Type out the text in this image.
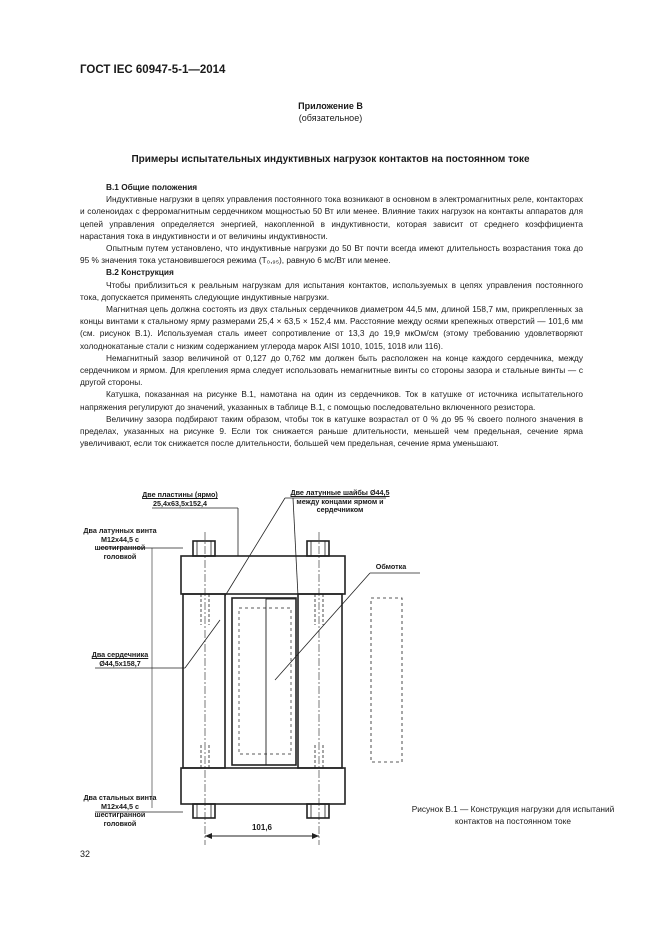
ГОСТ IEC 60947-5-1—2014
Приложение В
(обязательное)
Примеры испытательных индуктивных нагрузок контактов на постоянном токе

В.1 Общие положения

Индуктивные нагрузки в цепях управления постоянного тока возникают в основном в электромагнитных реле, контакторах и соленоидах с ферромагнитным сердечником мощностью 50 Вт или менее. Влияние таких нагрузок на контакты аппаратов для цепей управления определяется энергией, накопленной в индуктивности, которая зависит от среднего коэффициента нарастания тока в индуктивности и от величины индуктивности.

Опытным путем установлено, что индуктивные нагрузки до 50 Вт почти всегда имеют длительность возрастания тока до 95 % значения тока установившегося режима (T₀,₉₅), равную 6 мс/Вт или менее.

В.2 Конструкция

Чтобы приблизиться к реальным нагрузкам для испытания контактов, используемых в цепях управления постоянного тока, допускается применять следующие индуктивные нагрузки.

Магнитная цепь должна состоять из двух стальных сердечников диаметром 44,5 мм, длиной 158,7 мм, прикрепленных за концы винтами к стальному ярму размерами 25,4 × 63,5 × 152,4 мм. Расстояние между осями крепежных отверстий — 101,6 мм (см. рисунок В.1). Используемая сталь имеет сопротивление от 13,3 до 19,9 мкОм/см (этому требованию удовлетворяют холоднокатаные стали с низким содержанием углерода марок AISI 1010, 1015, 1018 или 116).

Немагнитный зазор величиной от 0,127 до 0,762 мм должен быть расположен на конце каждого сердечника, между сердечником и ярмом. Для крепления ярма следует использовать немагнитные винты со стороны зазора и стальные винты — с другой стороны.

Катушка, показанная на рисунке В.1, намотана на один из сердечников. Ток в катушке от источника испытательного напряжения регулируют до значений, указанных в таблице В.1, с помощью последовательно включенного резистора.

Величину зазора подбирают таким образом, чтобы ток в катушке возрастал от 0 % до 95 % своего полного значения в пределах, указанных на рисунке 9. Если ток снижается раньше длительности, меньшей чем предельная, сечение ярма увеличивают, если ток снижается после длительности, большей чем предельная, сечение ярма уменьшают.

Две пластины (ярмо)
25,4х63,5х152,4
Две латунные шайбы Ø44,5
между концами ярмом и сердечником
Два латунных винта М12х44,5 с шестигранной головкой
Два сердечника
Ø44,5х158,7
Обмотка
Два стальных винта М12х44,5 с шестигранной головкой	101,6
Рисунок В.1 — Конструкция нагрузки для испытаний контактов на постоянном токе
32
